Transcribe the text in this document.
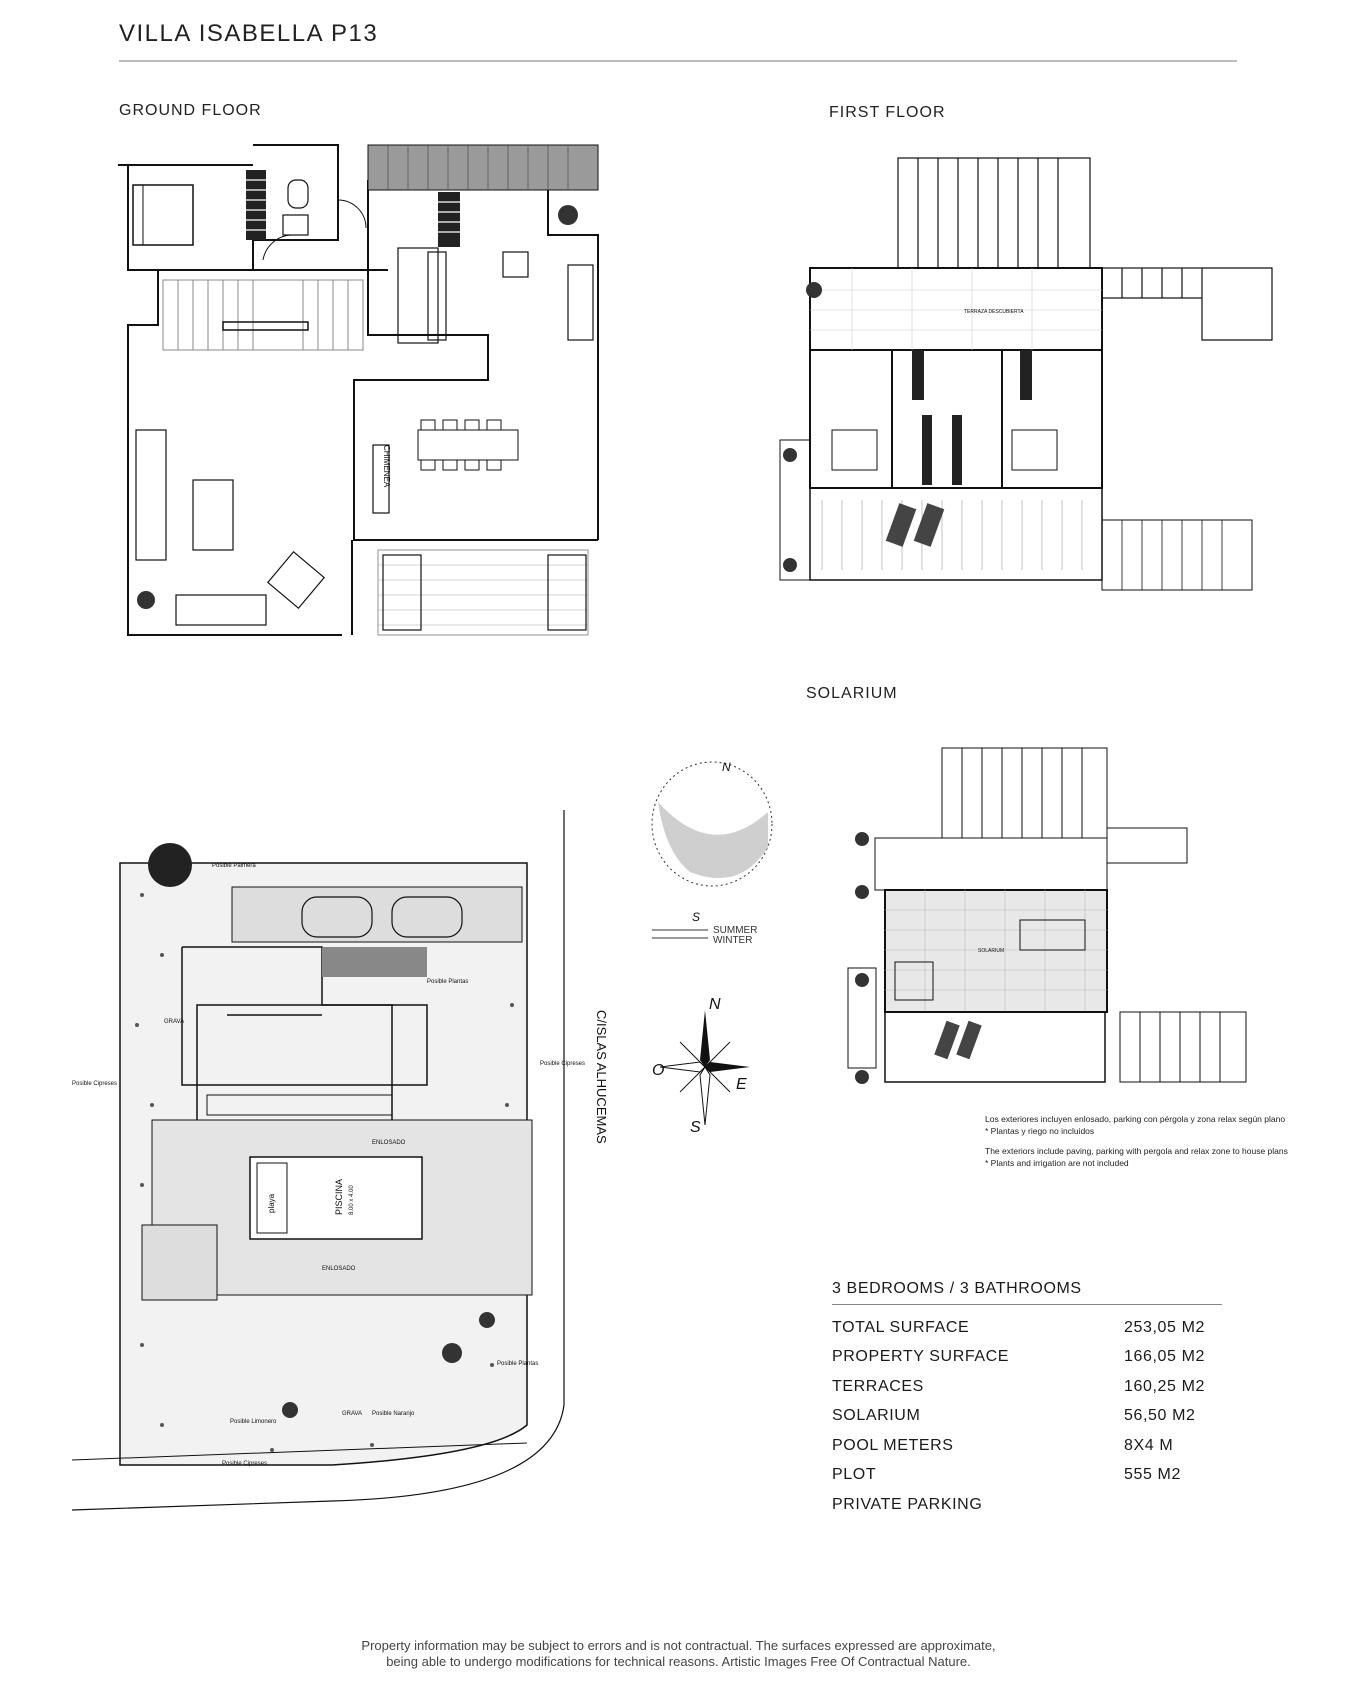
VILLA ISABELLA P13
GROUND FLOOR	FIRST FLOOR
SOLARIUM
CHIMENEA
TERRAZA DESCUBIERTA
playa	PISCINA 8.00 x 4.00
ENLOSADO
ENLOSADO
Posible Palmera
GRAVA
GRAVA
Posible Cipreses
Posible Cipreses
Posible Cipreses
Posible Plantas
Posible Plantas
Posible Limonero
Posible Naranjo
C/ISLAS ALHUCEMAS
N
S
SUMMER
WINTER
N
S
E
O
SOLARIUM
Los exteriores incluyen enlosado, parking con pérgola y zona relax según plano
* Plantas y riego no incluidos
The exteriors include paving, parking with pergola and relax zone to house plans
* Plants and irrigation are not included
3 BEDROOMS / 3 BATHROOMS
TOTAL SURFACE	253,05 M2
PROPERTY SURFACE	166,05 M2
TERRACES	160,25 M2
SOLARIUM	56,50 M2
POOL METERS	8X4 M
PLOT	555 M2
PRIVATE PARKING
Property information may be subject to errors and is not contractual. The surfaces expressed are approximate,
being able to undergo modifications for technical reasons. Artistic Images Free Of Contractual Nature.
